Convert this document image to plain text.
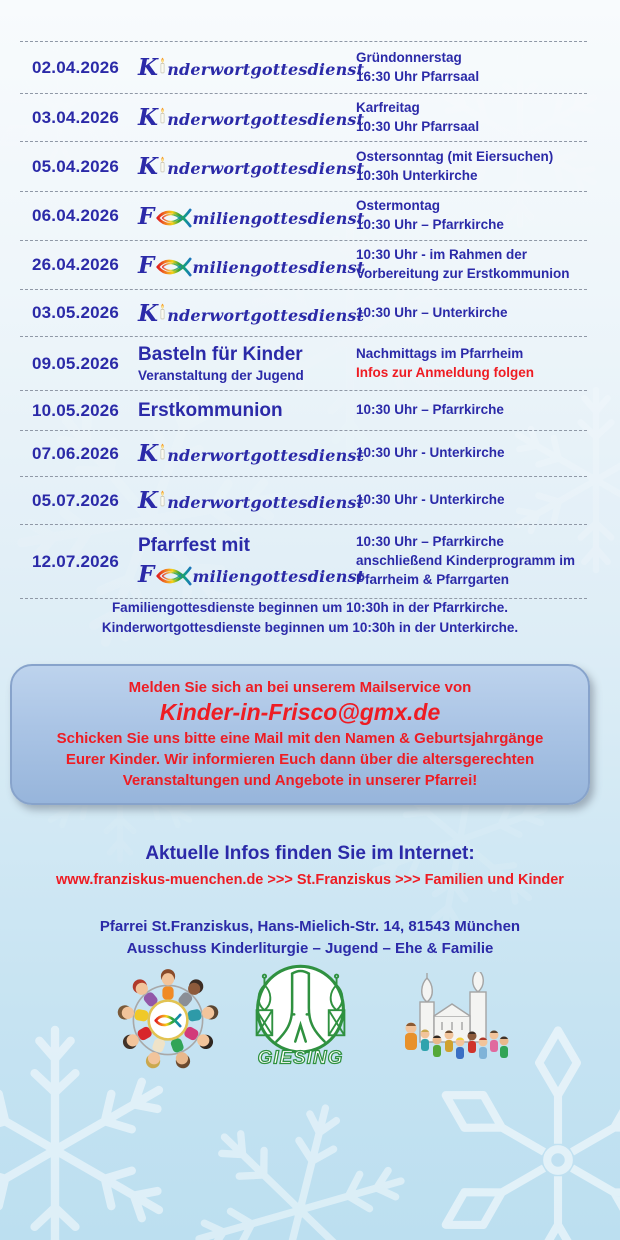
02.04.2026 K nderwortgottesdienst
Gründonnerstag
16:30 Uhr Pfarrsaal
03.04.2026 K nderwortgottesdienst
Karfreitag
10:30 Uhr Pfarrsaal
05.04.2026 K nderwortgottesdienst
Ostersonntag (mit Eiersuchen)
10:30h Unterkirche
06.04.2026 F miliengottesdienst
Ostermontag
10:30 Uhr – Pfarrkirche
26.04.2026 F miliengottesdienst
10:30 Uhr - im Rahmen der
Vorbereitung zur Erstkommunion
03.05.2026 K nderwortgottesdienst
10:30 Uhr – Unterkirche
09.05.2026 Basteln für Kinder
Veranstaltung der Jugend
Nachmittags im Pfarrheim
Infos zur Anmeldung folgen
10.05.2026 Erstkommunion	10:30 Uhr – Pfarrkirche
07.06.2026 K nderwortgottesdienst
10:30 Uhr - Unterkirche
05.07.2026 K nderwortgottesdienst
10:30 Uhr - Unterkirche
12.07.2026
Pfarrfest mit
F miliengottesdienst
10:30 Uhr – Pfarrkirche
anschließend Kinderprogramm im
Pfarrheim & Pfarrgarten
Familiengottesdienste beginnen um 10:30h in der Pfarrkirche.
Kinderwortgottesdienste beginnen um 10:30h in der Unterkirche.
Melden Sie sich an bei unserem Mailservice von
Kinder-in-Frisco@gmx.de
Schicken Sie uns bitte eine Mail mit den Namen & Geburtsjahrgänge
Eurer Kinder. Wir informieren Euch dann über die altersgerechten
Veranstaltungen und Angebote in unserer Pfarrei!
Aktuelle Infos finden Sie im Internet:
www.franziskus-muenchen.de >>> St.Franziskus >>> Familien und Kinder
Pfarrei St.Franziskus, Hans-Mielich-Str. 14, 81543 München
Ausschuss Kinderliturgie – Jugend – Ehe & Familie
GIESING
